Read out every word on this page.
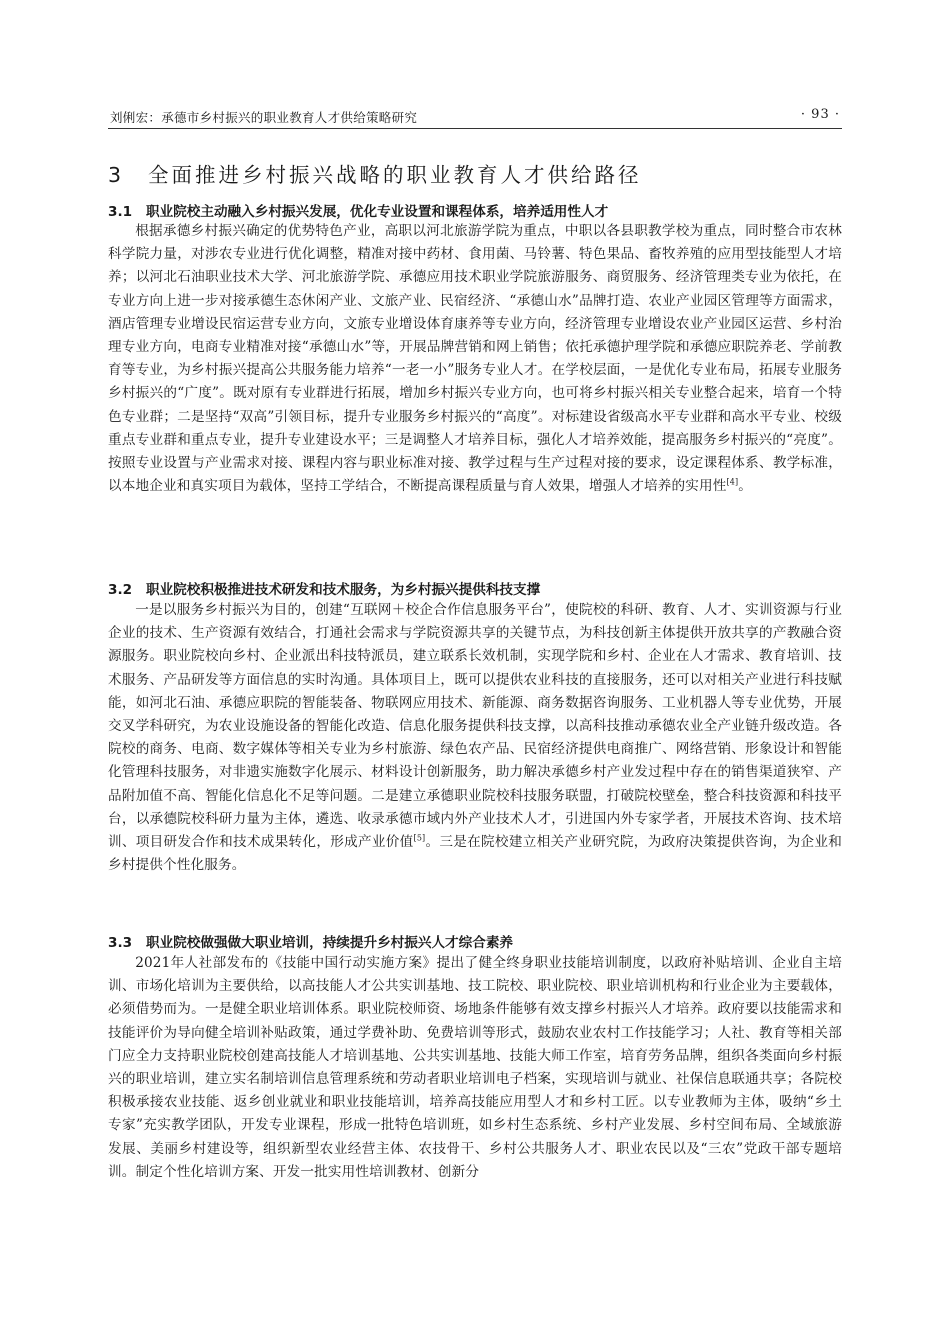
刘俐宏：承德市乡村振兴的职业教育人才供给策略研究	· 93 ·
3 全面推进乡村振兴战略的职业教育人才供给路径
3.1 职业院校主动融入乡村振兴发展，优化专业设置和课程体系，培养适用性人才

根据承德乡村振兴确定的优势特色产业，高职以河北旅游学院为重点，中职以各县职教学校为重点，同时整合市农林科学院力量，对涉农专业进行优化调整，精准对接中药材、食用菌、马铃薯、特色果品、畜牧养殖的应用型技能型人才培养；以河北石油职业技术大学、河北旅游学院、承德应用技术职业学院旅游服务、商贸服务、经济管理类专业为依托，在专业方向上进一步对接承德生态休闲产业、文旅产业、民宿经济、“承德山水”品牌打造、农业产业园区管理等方面需求，酒店管理专业增设民宿运营专业方向，文旅专业增设体育康养等专业方向，经济管理专业增设农业产业园区运营、乡村治理专业方向，电商专业精准对接“承德山水”等，开展品牌营销和网上销售；依托承德护理学院和承德应职院养老、学前教育等专业，为乡村振兴提高公共服务能力培养“一老一小”服务专业人才。在学校层面，一是优化专业布局，拓展专业服务乡村振兴的“广度”。既对原有专业群进行拓展，增加乡村振兴专业方向，也可将乡村振兴相关专业整合起来，培育一个特色专业群；二是坚持“双高”引领目标，提升专业服务乡村振兴的“高度”。对标建设省级高水平专业群和高水平专业、校级重点专业群和重点专业，提升专业建设水平；三是调整人才培养目标，强化人才培养效能，提高服务乡村振兴的“亮度”。按照专业设置与产业需求对接、课程内容与职业标准对接、教学过程与生产过程对接的要求，设定课程体系、教学标准，以本地企业和真实项目为载体，坚持工学结合，不断提高课程质量与育人效果，增强人才培养的实用性[4]。

3.2 职业院校积极推进技术研发和技术服务，为乡村振兴提供科技支撑

一是以服务乡村振兴为目的，创建“互联网＋校企合作信息服务平台”，使院校的科研、教育、人才、实训资源与行业企业的技术、生产资源有效结合，打通社会需求与学院资源共享的关键节点，为科技创新主体提供开放共享的产教融合资源服务。职业院校向乡村、企业派出科技特派员，建立联系长效机制，实现学院和乡村、企业在人才需求、教育培训、技术服务、产品研发等方面信息的实时沟通。具体项目上，既可以提供农业科技的直接服务，还可以对相关产业进行科技赋能，如河北石油、承德应职院的智能装备、物联网应用技术、新能源、商务数据咨询服务、工业机器人等专业优势，开展交叉学科研究，为农业设施设备的智能化改造、信息化服务提供科技支撑，以高科技推动承德农业全产业链升级改造。各院校的商务、电商、数字媒体等相关专业为乡村旅游、绿色农产品、民宿经济提供电商推广、网络营销、形象设计和智能化管理科技服务，对非遗实施数字化展示、材料设计创新服务，助力解决承德乡村产业发过程中存在的销售渠道狭窄、产品附加值不高、智能化信息化不足等问题。二是建立承德职业院校科技服务联盟，打破院校壁垒，整合科技资源和科技平台，以承德院校科研力量为主体，遴选、收录承德市域内外产业技术人才，引进国内外专家学者，开展技术咨询、技术培训、项目研发合作和技术成果转化，形成产业价值[5]。三是在院校建立相关产业研究院，为政府决策提供咨询，为企业和乡村提供个性化服务。

3.3 职业院校做强做大职业培训，持续提升乡村振兴人才综合素养

2021年人社部发布的《技能中国行动实施方案》提出了健全终身职业技能培训制度，以政府补贴培训、企业自主培训、市场化培训为主要供给，以高技能人才公共实训基地、技工院校、职业院校、职业培训机构和行业企业为主要载体，必须借势而为。一是健全职业培训体系。职业院校师资、场地条件能够有效支撑乡村振兴人才培养。政府要以技能需求和技能评价为导向健全培训补贴政策，通过学费补助、免费培训等形式，鼓励农业农村工作技能学习；人社、教育等相关部门应全力支持职业院校创建高技能人才培训基地、公共实训基地、技能大师工作室，培育劳务品牌，组织各类面向乡村振兴的职业培训，建立实名制培训信息管理系统和劳动者职业培训电子档案，实现培训与就业、社保信息联通共享；各院校积极承接农业技能、返乡创业就业和职业技能培训，培养高技能应用型人才和乡村工匠。以专业教师为主体，吸纳“乡土专家”充实教学团队，开发专业课程，形成一批特色培训班，如乡村生态系统、乡村产业发展、乡村空间布局、全域旅游发展、美丽乡村建设等，组织新型农业经营主体、农技骨干、乡村公共服务人才、职业农民以及“三农”党政干部专题培训。制定个性化培训方案、开发一批实用性培训教材、创新分
